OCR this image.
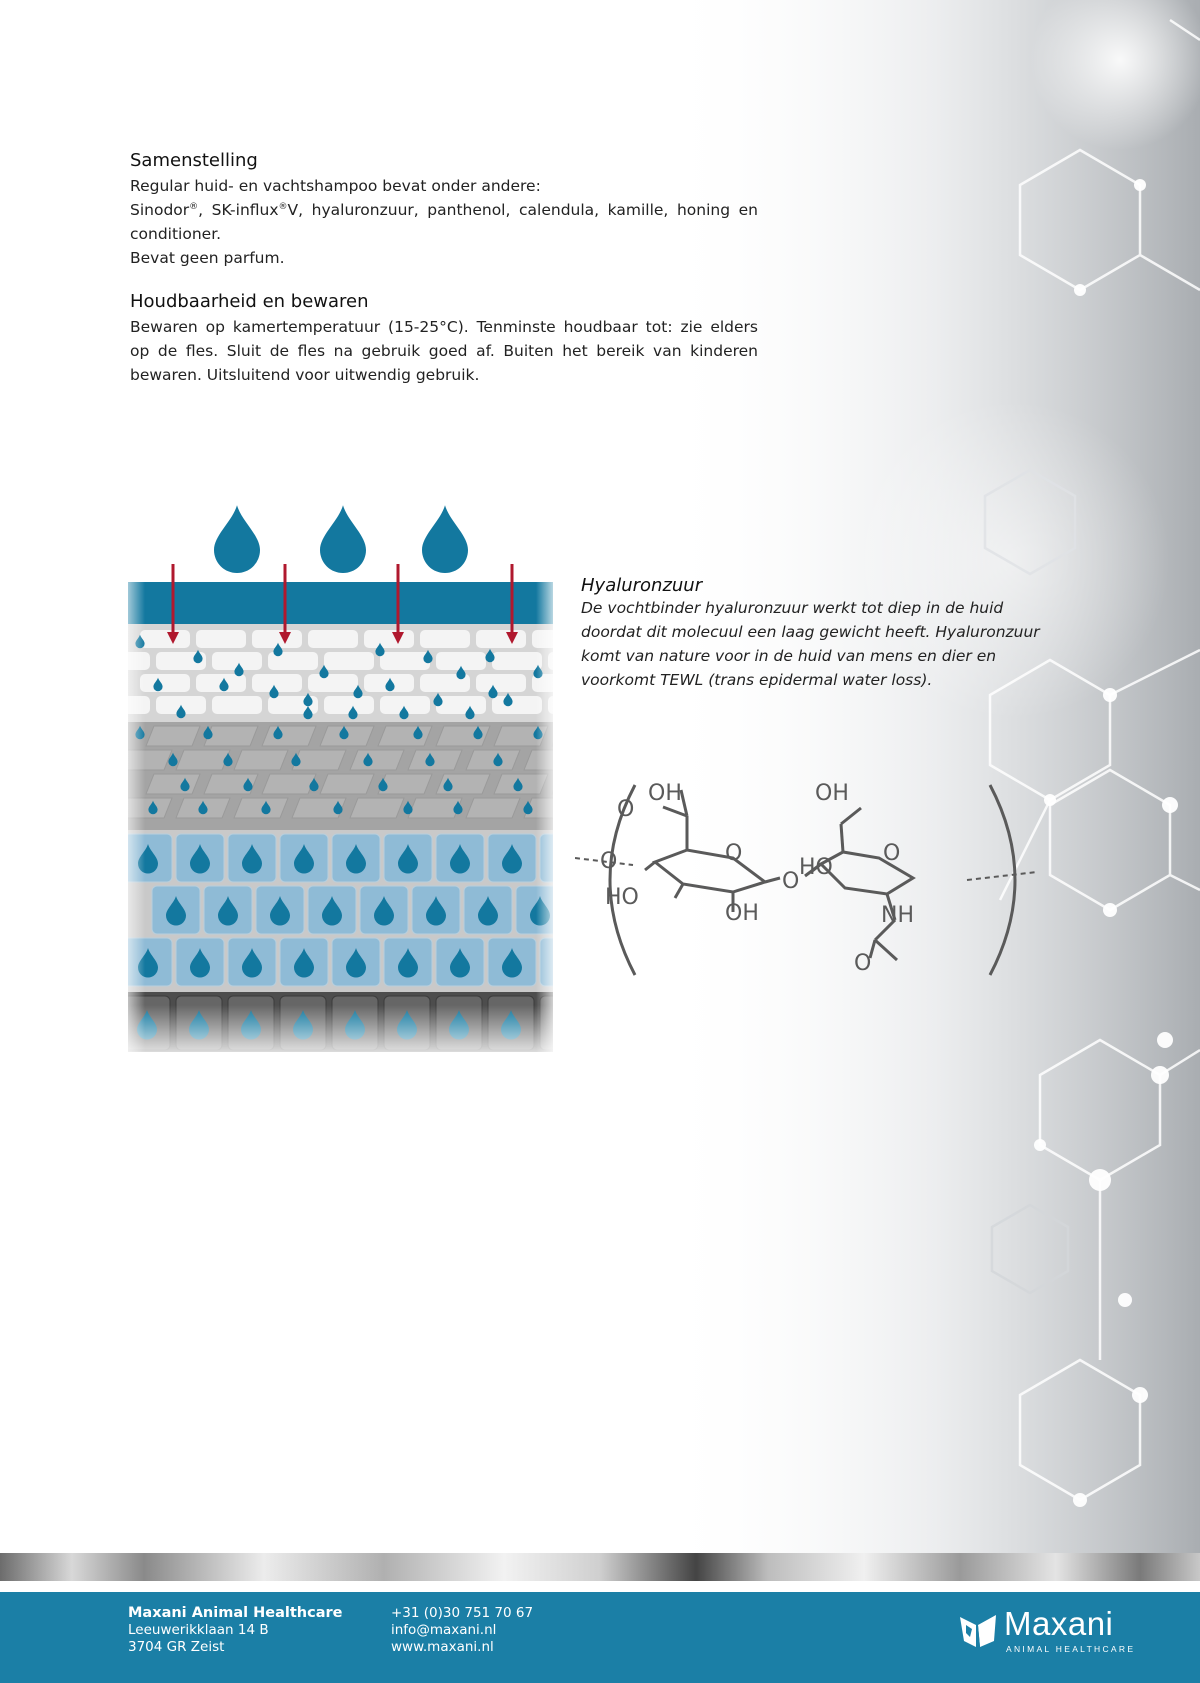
Samenstelling

Regular huid- en vachtshampoo bevat onder andere:

Sinodor®, SK-influx®V, hyaluronzuur, panthenol, calendula, kamille, honing en conditioner.

Bevat geen parfum.

Houdbaarheid en bewaren

Bewaren op kamertemperatuur (15-25°C). Tenminste houdbaar tot: zie elders op de fles. Sluit de fles na gebruik goed af. Buiten het bereik van kinderen bewaren. Uitsluitend voor uitwendig gebruik.

Hyaluronzuur

De vochtbinder hyaluronzuur werkt tot diep in de huid doordat dit molecuul een laag gewicht heeft. Hyaluronzuur komt van nature voor in de huid van mens en dier en voorkomt TEWL (trans epidermal water loss).

OH
O
O	O
HO
OH
OH
O
HO
O
NH
O
Maxani Animal Healthcare
Leeuwerikklaan 14 B
3704 GR Zeist
+31 (0)30 751 70 67
info@maxani.nl
www.maxani.nl
Maxani
ANIMAL HEALTHCARE
